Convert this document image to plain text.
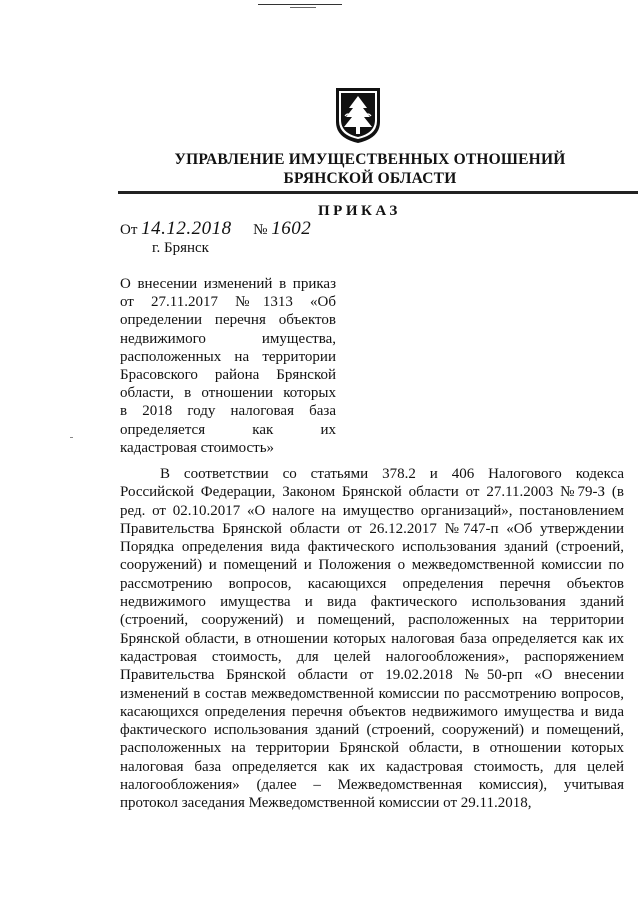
УПРАВЛЕНИЕ ИМУЩЕСТВЕННЫХ ОТНОШЕНИЙ
БРЯНСКОЙ ОБЛАСТИ
ПРИКАЗ
От 14.12.2018 № 1602
г. Брянск
О внесении изменений в приказ
от 27.11.2017 №1313 «Об
определении перечня объектов
недвижимого имущества,
расположенных на территории
Брасовского района Брянской
области, в отношении которых
в 2018 году налоговая база
определяется как их
кадастровая стоимость»
В соответствии со статьями 378.2 и 406 Налогового кодекса
Российской Федерации, Законом Брянской области от 27.11.2003 №79-З (в
ред. от 02.10.2017 «О налоге на имущество организаций», постановлением
Правительства Брянской области от 26.12.2017 №747-п «Об утверждении
Порядка определения вида фактического использования зданий (строений,
сооружений) и помещений и Положения о межведомственной комиссии по
рассмотрению вопросов, касающихся определения перечня объектов
недвижимого имущества и вида фактического использования зданий
(строений, сооружений) и помещений, расположенных на территории
Брянской области, в отношении которых налоговая база определяется как их
кадастровая стоимость, для целей налогообложения», распоряжением
Правительства Брянской области от 19.02.2018 №50-рп «О внесении
изменений в состав межведомственной комиссии по рассмотрению вопросов,
касающихся определения перечня объектов недвижимого имущества и вида
фактического использования зданий (строений, сооружений) и помещений,
расположенных на территории Брянской области, в отношении которых
налоговая база определяется как их кадастровая стоимость, для целей
налогообложения» (далее – Межведомственная комиссия), учитывая
протокол заседания Межведомственной комиссии от 29.11.2018,
